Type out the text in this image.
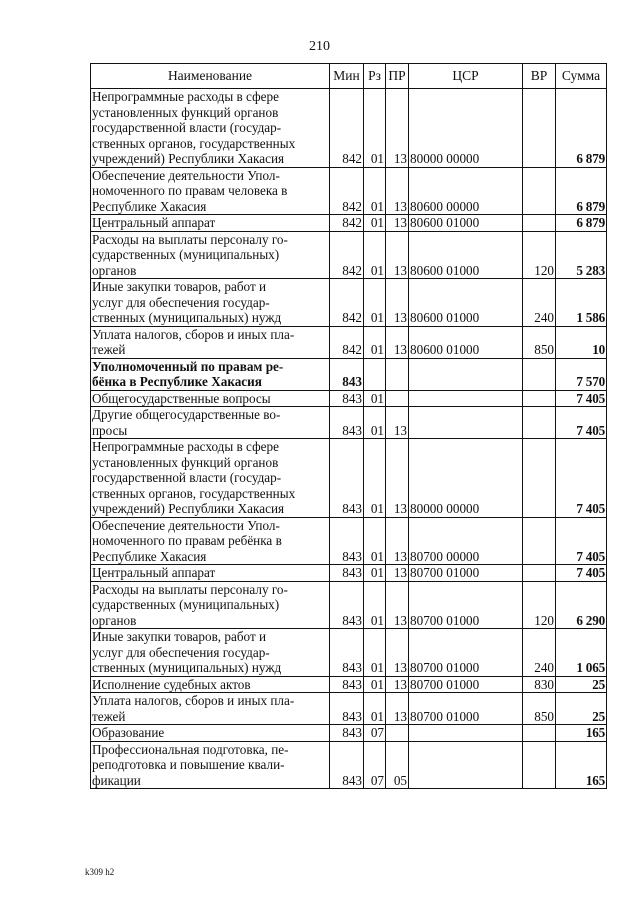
210
Наименование	Мин	Рз	ПР	ЦСР	ВР	Сумма
Непрограммные расходы в сфере
установленных функций органов
государственной власти (государ-
ственных органов, государственных
учреждений) Республики Хакасия	842	01	13	80000 00000		6 879
Обеспечение деятельности Упол-
номоченного по правам человека в
Республике Хакасия	842	01	13	80600 00000		6 879
Центральный аппарат	842	01	13	80600 01000		6 879
Расходы на выплаты персоналу го-
сударственных (муниципальных)
органов	842	01	13	80600 01000	120	5 283
Иные закупки товаров, работ и
услуг для обеспечения государ-
ственных (муниципальных) нужд	842	01	13	80600 01000	240	1 586
Уплата налогов, сборов и иных пла-
тежей	842	01	13	80600 01000	850	10
Уполномоченный по правам ре-
бёнка в Республике Хакасия	843					7 570
Общегосударственные вопросы	843	01				7 405
Другие общегосударственные во-
просы	843	01	13			7 405
Непрограммные расходы в сфере
установленных функций органов
государственной власти (государ-
ственных органов, государственных
учреждений) Республики Хакасия	843	01	13	80000 00000		7 405
Обеспечение деятельности Упол-
номоченного по правам ребёнка в
Республике Хакасия	843	01	13	80700 00000		7 405
Центральный аппарат	843	01	13	80700 01000		7 405
Расходы на выплаты персоналу го-
сударственных (муниципальных)
органов	843	01	13	80700 01000	120	6 290
Иные закупки товаров, работ и
услуг для обеспечения государ-
ственных (муниципальных) нужд	843	01	13	80700 01000	240	1 065
Исполнение судебных актов	843	01	13	80700 01000	830	25
Уплата налогов, сборов и иных пла-
тежей	843	01	13	80700 01000	850	25
Образование	843	07				165
Профессиональная подготовка, пе-
реподготовка и повышение квали-
фикации	843	07	05			165
k309 h2
